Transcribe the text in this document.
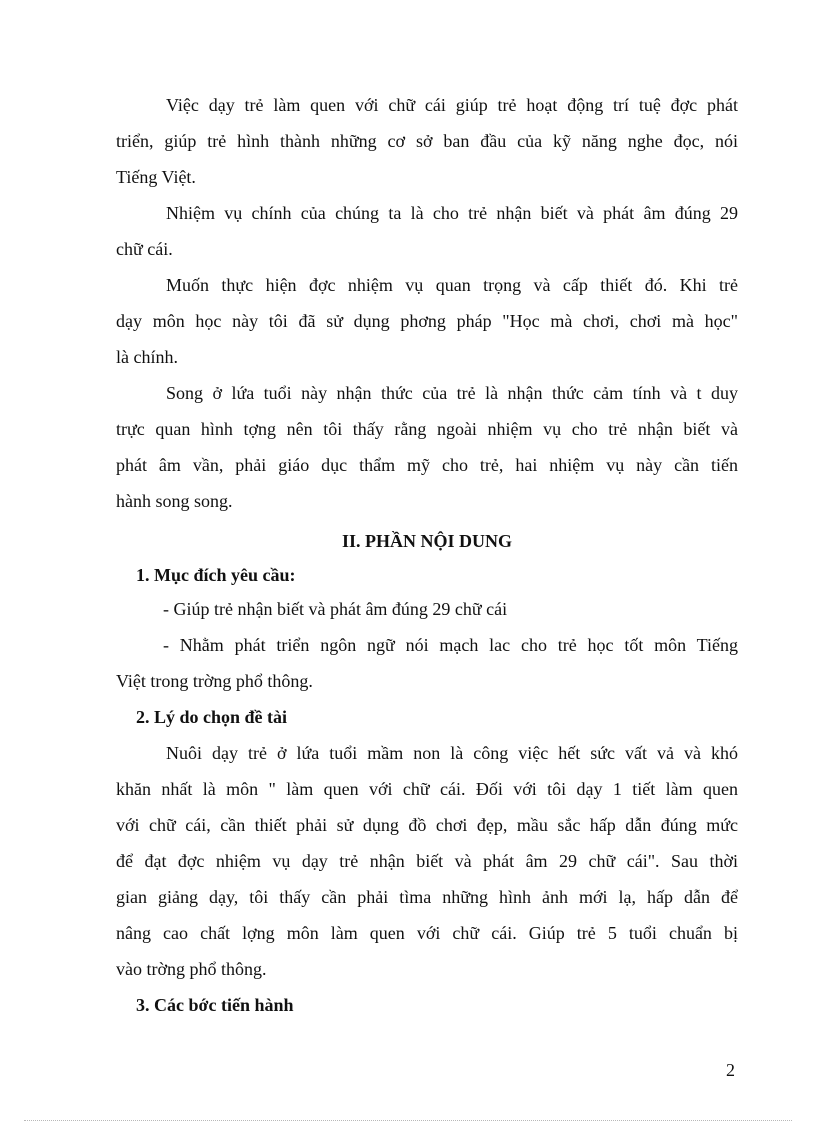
Việc dạy trẻ làm quen với chữ cái giúp trẻ hoạt động trí tuệ đợc phát
triển, giúp trẻ hình thành những cơ sở ban đầu của kỹ năng nghe đọc, nói
Tiếng Việt.
Nhiệm vụ chính của chúng ta là cho trẻ nhận biết và phát âm đúng 29
chữ cái.
Muốn thực hiện đợc nhiệm vụ quan trọng và cấp thiết đó. Khi trẻ
dạy môn học này tôi đã sử dụng phơng pháp "Học mà chơi, chơi mà học"
là chính.
Song ở lứa tuổi này nhận thức của trẻ là nhận thức cảm tính và t duy
trực quan hình tợng nên tôi thấy rằng ngoài nhiệm vụ cho trẻ nhận biết và
phát âm vần, phải giáo dục thẩm mỹ cho trẻ, hai nhiệm vụ này cần tiến
hành song song.
II. PHẦN NỘI DUNG
1. Mục đích yêu cầu:
- Giúp trẻ nhận biết và phát âm đúng 29 chữ cái
- Nhằm phát triển ngôn ngữ nói mạch lac cho trẻ học tốt môn Tiếng
Việt trong trờng phổ thông.
2. Lý do chọn đề tài
Nuôi dạy trẻ ở lứa tuổi mầm non là công việc hết sức vất vả và khó
khăn nhất là môn " làm quen với chữ cái. Đối với tôi dạy 1 tiết làm quen
với chữ cái, cần thiết phải sử dụng đồ chơi đẹp, mầu sắc hấp dẫn đúng mức
để đạt đợc nhiệm vụ dạy trẻ nhận biết và phát âm 29 chữ cái". Sau thời
gian giảng dạy, tôi thấy cần phải tìma những hình ảnh mới lạ, hấp dẫn để
nâng cao chất lợng môn làm quen với chữ cái. Giúp trẻ 5 tuổi chuẩn bị
vào trờng phổ thông.
3. Các bớc tiến hành
2
